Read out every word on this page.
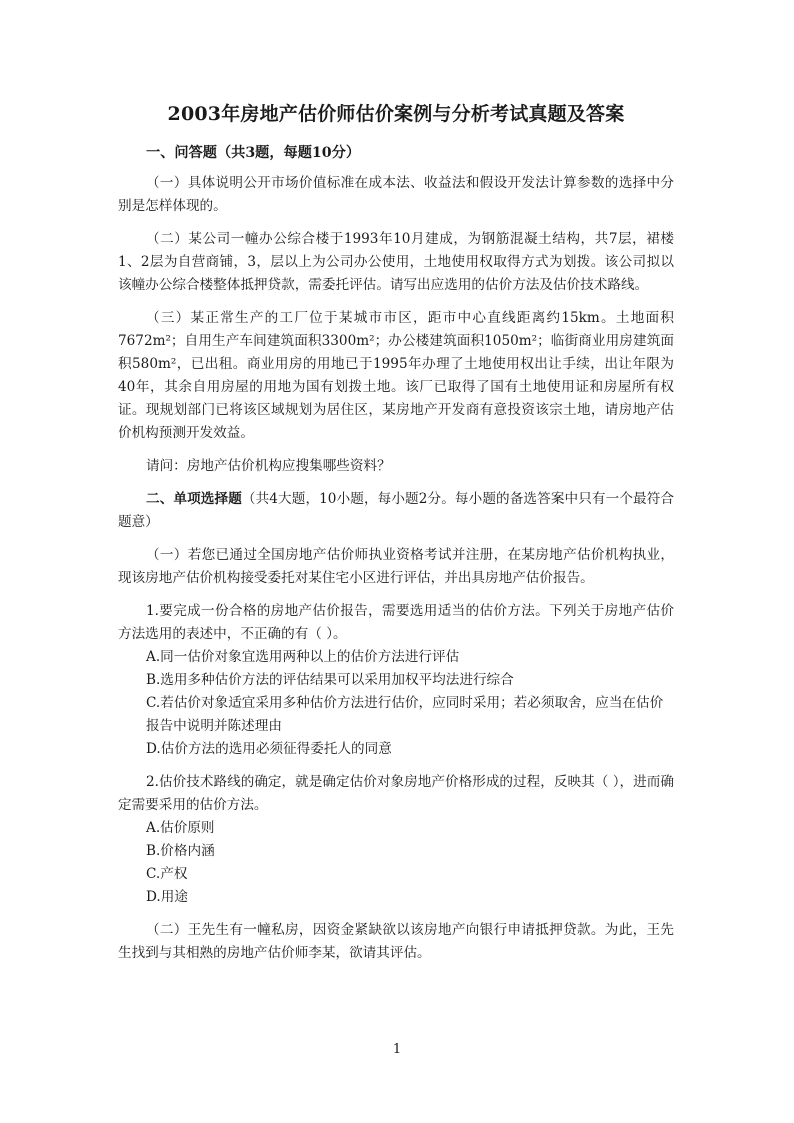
2003年房地产估价师估价案例与分析考试真题及答案
一、问答题（共3题，每题10分）

（一）具体说明公开市场价值标准在成本法、收益法和假设开发法计算参数的选择中分别是怎样体现的。

（二）某公司一幢办公综合楼于1993年10月建成，为钢筋混凝土结构，共7层，裙楼1、2层为自营商铺，3，层以上为公司办公使用，土地使用权取得方式为划拨。该公司拟以该幢办公综合楼整体抵押贷款，需委托评估。请写出应选用的估价方法及估价技术路线。

（三）某正常生产的工厂位于某城市市区，距市中心直线距离约15km。土地面积7672m²；自用生产车间建筑面积3300m²；办公楼建筑面积1050m²；临街商业用房建筑面积580m²，已出租。商业用房的用地已于1995年办理了土地使用权出让手续，出让年限为40年，其余自用房屋的用地为国有划拨土地。该厂已取得了国有土地使用证和房屋所有权证。现规划部门已将该区域规划为居住区，某房地产开发商有意投资该宗土地，请房地产估价机构预测开发效益。

请问：房地产估价机构应搜集哪些资料？

二、单项选择题（共4大题，10小题，每小题2分。每小题的备选答案中只有一个最符合题意）

（一）若您已通过全国房地产估价师执业资格考试并注册，在某房地产估价机构执业，现该房地产估价机构接受委托对某住宅小区进行评估，并出具房地产估价报告。

1.要完成一份合格的房地产估价报告，需要选用适当的估价方法。下列关于房地产估价方法选用的表述中，不正确的有（ ）。
A.同一估价对象宜选用两种以上的估价方法进行评估
B.选用多种估价方法的评估结果可以采用加权平均法进行综合
C.若估价对象适宜采用多种估价方法进行估价，应同时采用；若必须取舍，应当在估价报告中说明并陈述理由
D.估价方法的选用必须征得委托人的同意
2.估价技术路线的确定，就是确定估价对象房地产价格形成的过程，反映其（ ），进而确定需要采用的估价方法。
A.估价原则
B.价格内涵
C.产权
D.用途

（二）王先生有一幢私房，因资金紧缺欲以该房地产向银行申请抵押贷款。为此，王先生找到与其相熟的房地产估价师李某，欲请其评估。

1
